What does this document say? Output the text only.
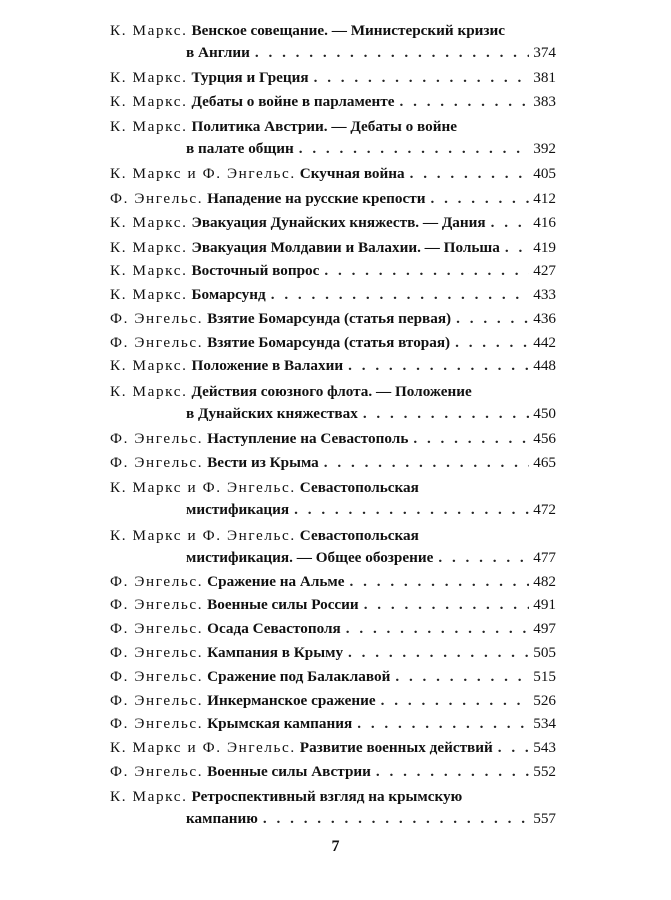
К. Маркс. Венское совещание. — Министерский кризис
в Англии . . .	374
К. Маркс. Турция и Греция . . .	381
К. Маркс. Дебаты о войне в парламенте . . .	383
К. Маркс. Политика Австрии. — Дебаты о войне
в палате общин . . .	392
К. Маркс и Ф. Энгельс. Скучная война . . .	405
Ф. Энгельс. Нападение на русские крепости . . .	412
К. Маркс. Эвакуация Дунайских княжеств. — Дания . . .	416
К. Маркс. Эвакуация Молдавии и Валахии. — Польша . . . 419
К. Маркс. Восточный вопрос . . .	427
К. Маркс. Бомарсунд . . .	433
Ф. Энгельс. Взятие Бомарсунда (статья первая) . . .	436
Ф. Энгельс. Взятие Бомарсунда (статья вторая) . . .	442
К. Маркс. Положение в Валахии . . .	448
К. Маркс. Действия союзного флота. — Положение
в Дунайских княжествах . . .	450
Ф. Энгельс. Наступление на Севастополь . . .	456
Ф. Энгельс. Вести из Крыма . . .	465
К. Маркс и Ф. Энгельс. Севастопольская
мистификация . . .	472
К. Маркс и Ф. Энгельс. Севастопольская
мистификация. — Общее обозрение . . .	477
Ф. Энгельс. Сражение на Альме . . .	482
Ф. Энгельс. Военные силы России . . .	491
Ф. Энгельс. Осада Севастополя . . .	497
Ф. Энгельс. Кампания в Крыму . . .	505
Ф. Энгельс. Сражение под Балаклавой . . .	515
Ф. Энгельс. Инкерманское сражение . . .	526
Ф. Энгельс. Крымская кампания . . .	534
К. Маркс и Ф. Энгельс. Развитие военных действий . . .	543
Ф. Энгельс. Военные силы Австрии . . .	552
К. Маркс. Ретроспективный взгляд на крымскую
кампанию . . .	557
7
